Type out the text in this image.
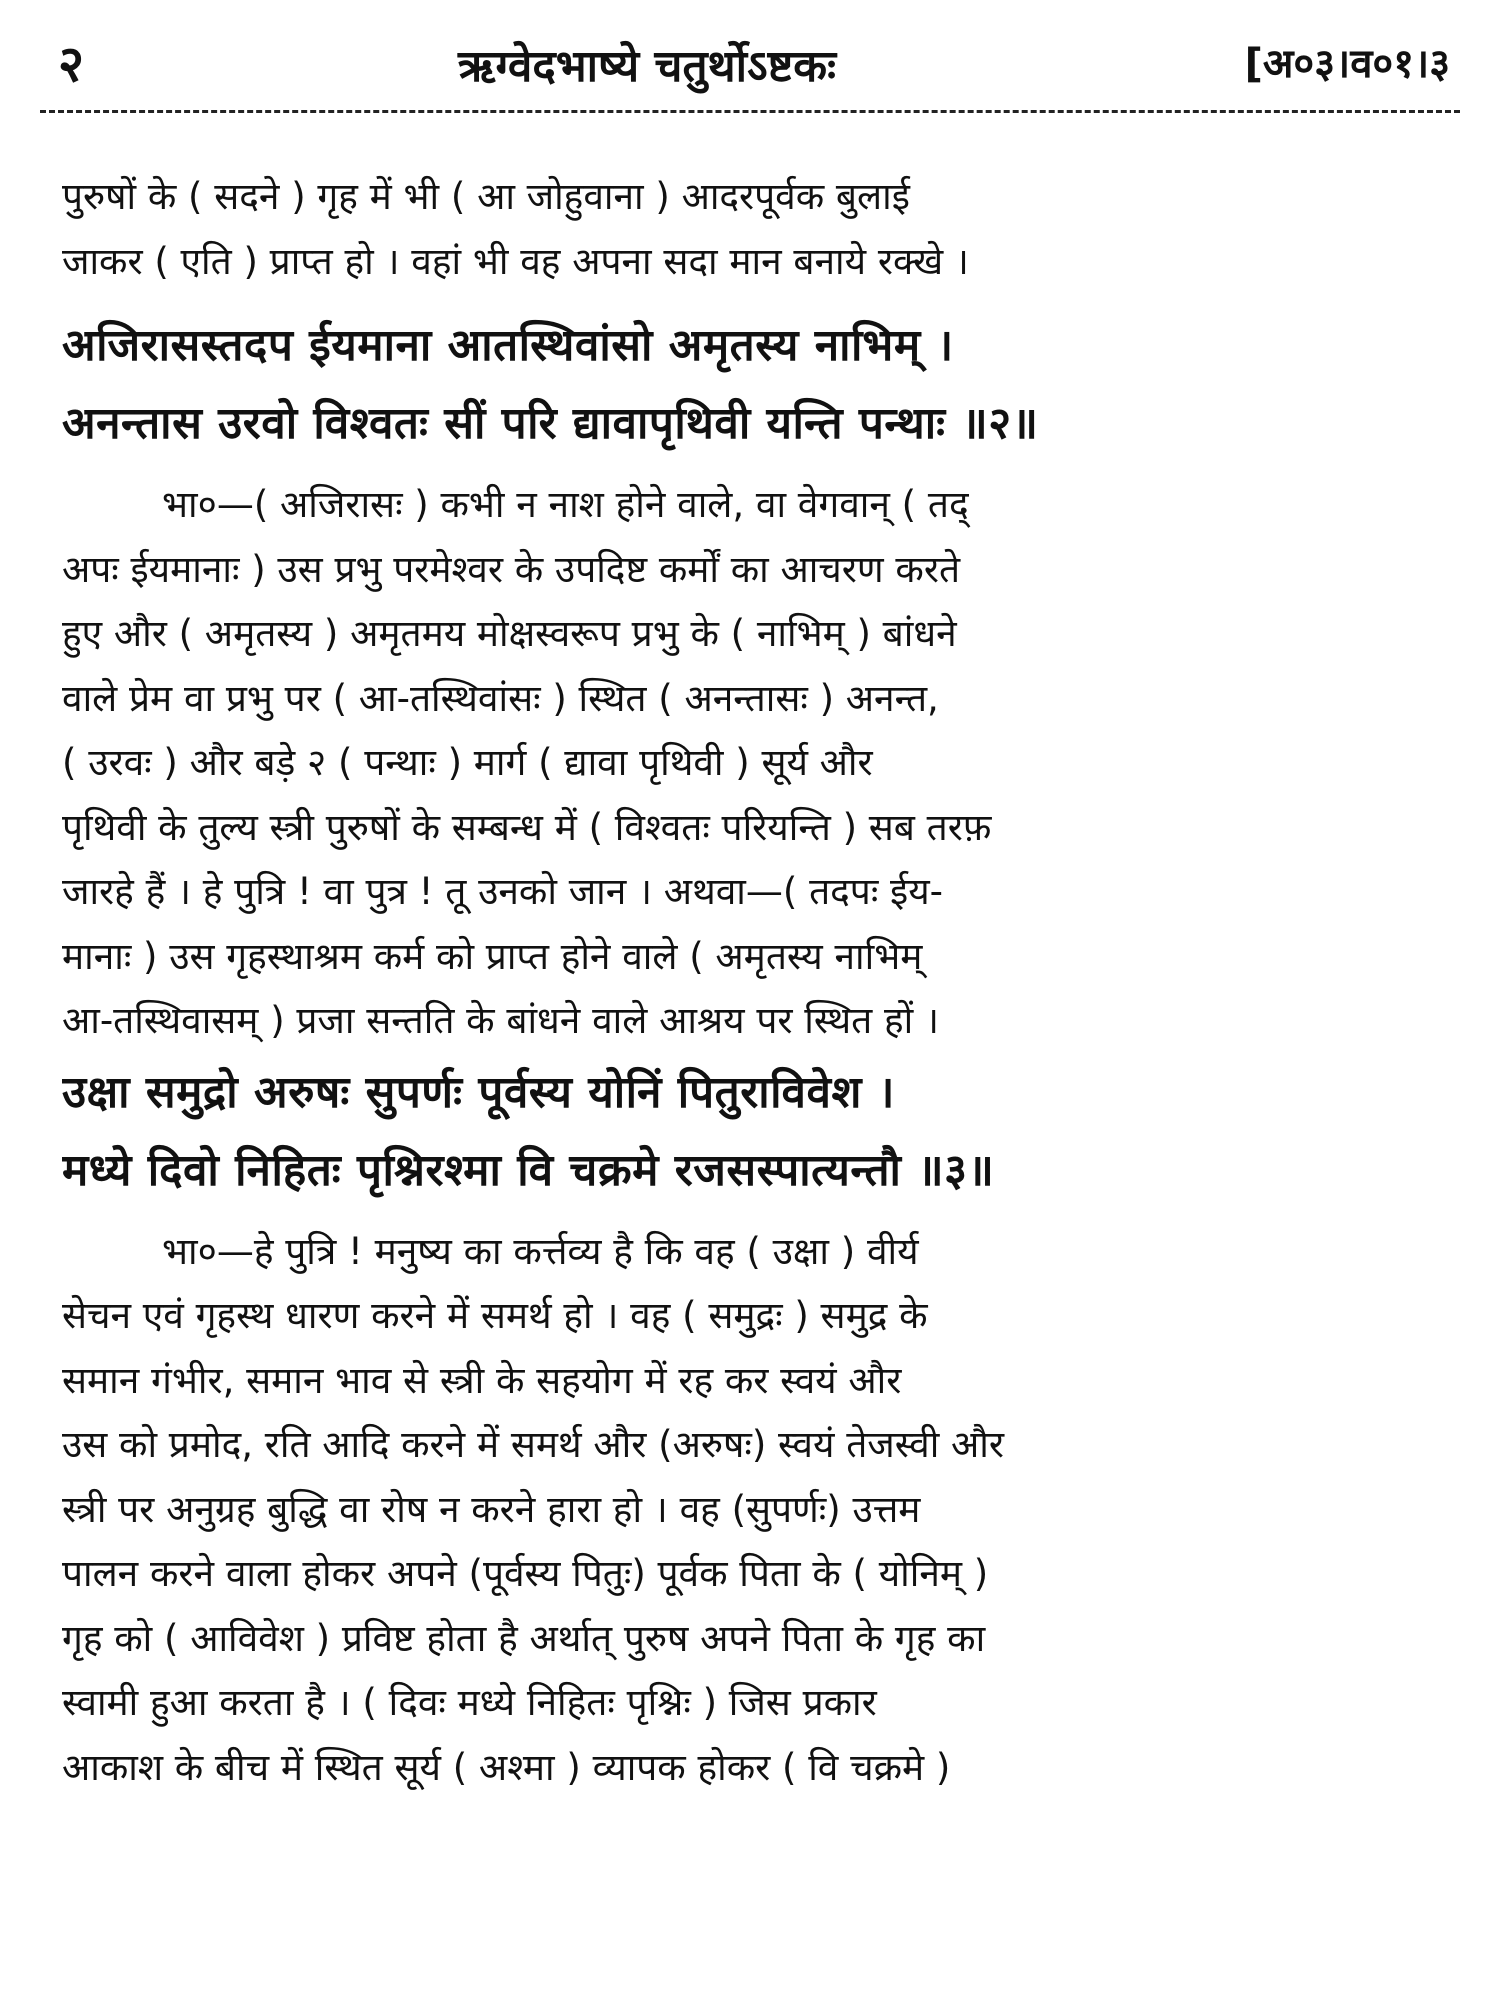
२	ऋग्वेदभाष्ये चतुर्थोऽष्टकः	[अ०३।व०१।३
पुरुषों के ( सदने ) गृह में भी ( आ जोहुवाना ) आदरपूर्वक बुलाई
जाकर ( एति ) प्राप्त हो । वहां भी वह अपना सदा मान बनाये रक्खे ।
अजिरासस्तदप ईयमाना आतस्थिवांसो अमृतस्य नाभिम् ।
अनन्तास उरवो विश्वतः सीं परि द्यावापृथिवी यन्ति पन्थाः ॥२॥
भा०—( अजिरासः ) कभी न नाश होने वाले, वा वेगवान् ( तद्
अपः ईयमानाः ) उस प्रभु परमेश्वर के उपदिष्ट कर्मों का आचरण करते
हुए और ( अमृतस्य ) अमृतमय मोक्षस्वरूप प्रभु के ( नाभिम् ) बांधने
वाले प्रेम वा प्रभु पर ( आ-तस्थिवांसः ) स्थित ( अनन्तासः ) अनन्त,
( उरवः ) और बड़े २ ( पन्थाः ) मार्ग ( द्यावा पृथिवी ) सूर्य और
पृथिवी के तुल्य स्त्री पुरुषों के सम्बन्ध में ( विश्वतः परियन्ति ) सब तरफ़
जारहे हैं । हे पुत्रि ! वा पुत्र ! तू उनको जान । अथवा—( तदपः ईय-
मानाः ) उस गृहस्थाश्रम कर्म को प्राप्त होने वाले ( अमृतस्य नाभिम्
आ-तस्थिवासम् ) प्रजा सन्तति के बांधने वाले आश्रय पर स्थित हों ।
उक्षा समुद्रो अरुषः सुपर्णः पूर्वस्य योनिं पितुराविवेश ।
मध्ये दिवो निहितः पृश्निरश्मा वि चक्रमे रजसस्पात्यन्तौ ॥३॥
भा०—हे पुत्रि ! मनुष्य का कर्त्तव्य है कि वह ( उक्षा ) वीर्य
सेचन एवं गृहस्थ धारण करने में समर्थ हो । वह ( समुद्रः ) समुद्र के
समान गंभीर, समान भाव से स्त्री के सहयोग में रह कर स्वयं और
उस को प्रमोद, रति आदि करने में समर्थ और (अरुषः) स्वयं तेजस्वी और
स्त्री पर अनुग्रह बुद्धि वा रोष न करने हारा हो । वह (सुपर्णः) उत्तम
पालन करने वाला होकर अपने (पूर्वस्य पितुः) पूर्वक पिता के ( योनिम् )
गृह को ( आविवेश ) प्रविष्ट होता है अर्थात् पुरुष अपने पिता के गृह का
स्वामी हुआ करता है । ( दिवः मध्ये निहितः पृश्निः ) जिस प्रकार
आकाश के बीच में स्थित सूर्य ( अश्मा ) व्यापक होकर ( वि चक्रमे )
